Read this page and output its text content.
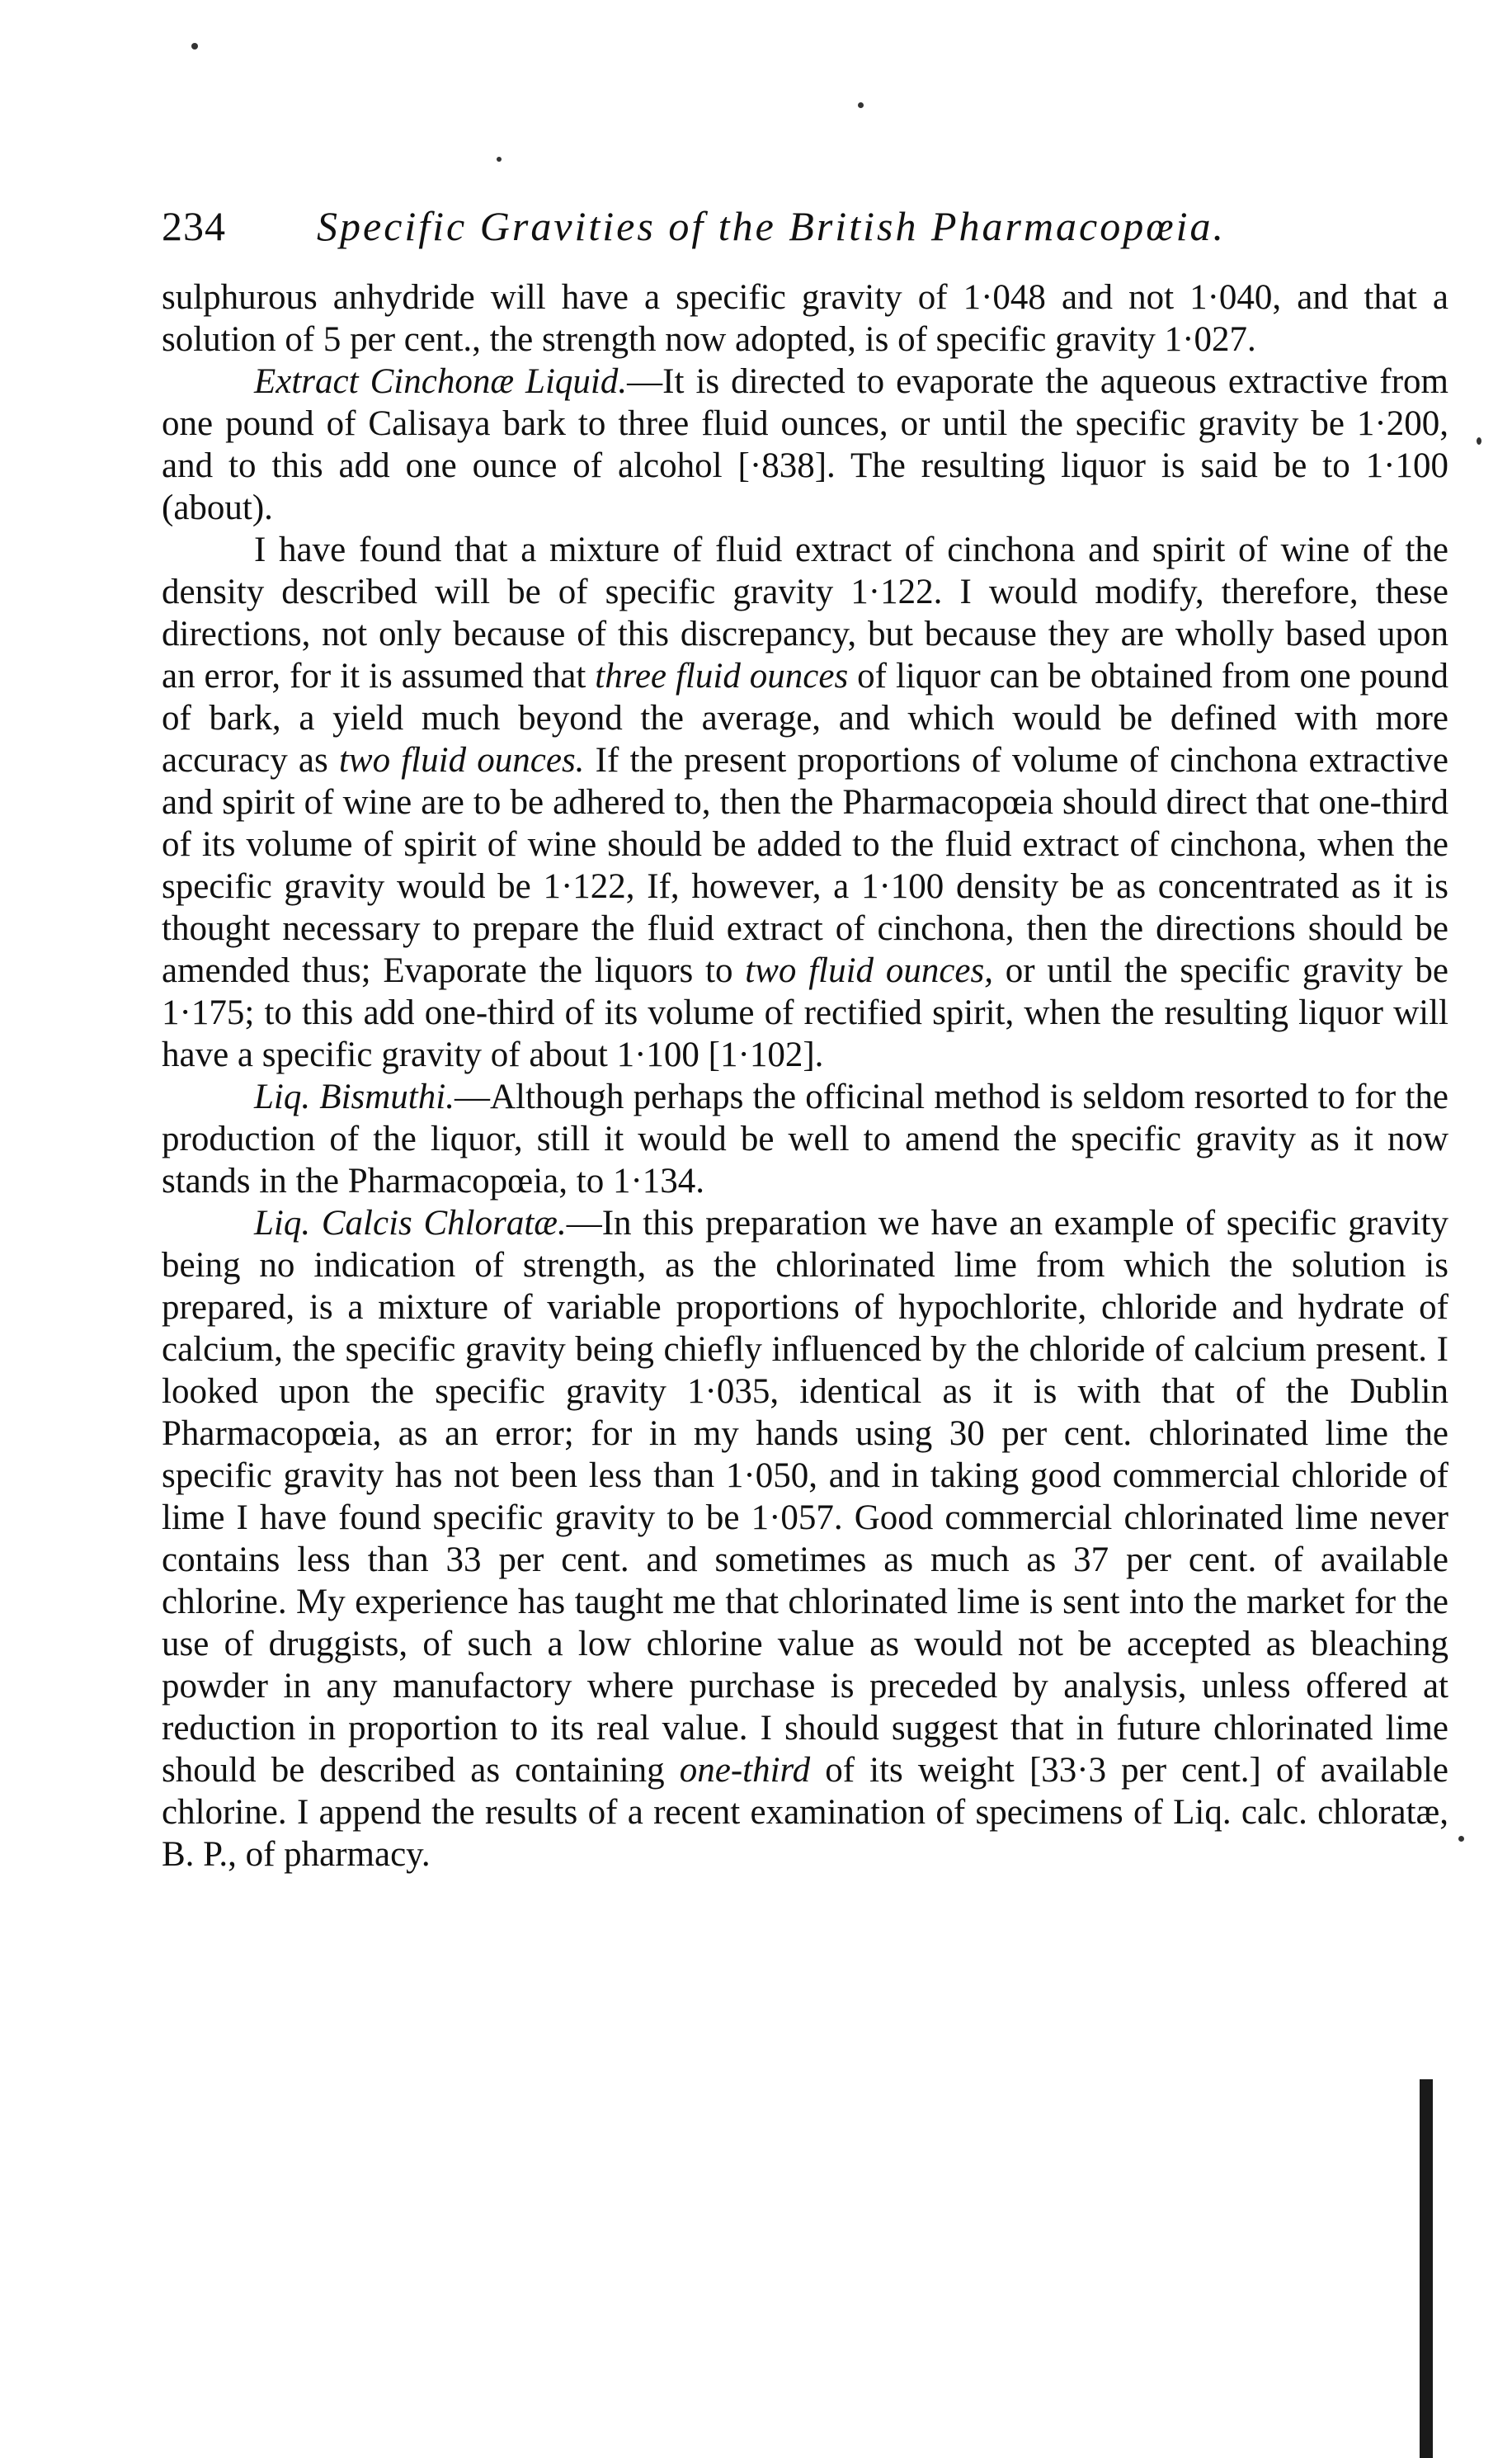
234 Specific Gravities of the British Pharmacopœia.

sulphurous anhydride will have a specific gravity of 1·048 and not 1·040, and that a solution of 5 per cent., the strength now adopted, is of specific gravity 1·027.

Extract Cinchonæ Liquid.—It is directed to evaporate the aqueous extractive from one pound of Calisaya bark to three fluid ounces, or until the specific gravity be 1·200, and to this add one ounce of alcohol [·838]. The resulting liquor is said be to 1·100 (about).

I have found that a mixture of fluid extract of cinchona and spirit of wine of the density described will be of specific gravity 1·122. I would modify, therefore, these directions, not only because of this discrepancy, but because they are wholly based upon an error, for it is assumed that three fluid ounces of liquor can be obtained from one pound of bark, a yield much beyond the average, and which would be defined with more accuracy as two fluid ounces. If the present proportions of volume of cinchona extractive and spirit of wine are to be adhered to, then the Pharmacopœia should direct that one-third of its volume of spirit of wine should be added to the fluid extract of cinchona, when the specific gravity would be 1·122, If, however, a 1·100 density be as concentrated as it is thought necessary to prepare the fluid extract of cinchona, then the directions should be amended thus; Evaporate the liquors to two fluid ounces, or until the specific gravity be 1·175; to this add one-third of its volume of rectified spirit, when the resulting liquor will have a specific gravity of about 1·100 [1·102].

Liq. Bismuthi.—Although perhaps the officinal method is seldom resorted to for the production of the liquor, still it would be well to amend the specific gravity as it now stands in the Pharmacopœia, to 1·134.

Liq. Calcis Chloratæ.—In this preparation we have an example of specific gravity being no indication of strength, as the chlorinated lime from which the solution is prepared, is a mixture of variable proportions of hypochlorite, chloride and hydrate of calcium, the specific gravity being chiefly influenced by the chloride of calcium present. I looked upon the specific gravity 1·035, identical as it is with that of the Dublin Pharmacopœia, as an error; for in my hands using 30 per cent. chlorinated lime the specific gravity has not been less than 1·050, and in taking good commercial chloride of lime I have found specific gravity to be 1·057. Good commercial chlorinated lime never contains less than 33 per cent. and sometimes as much as 37 per cent. of available chlorine. My experience has taught me that chlorinated lime is sent into the market for the use of druggists, of such a low chlorine value as would not be accepted as bleaching powder in any manufactory where purchase is preceded by analysis, unless offered at reduction in proportion to its real value. I should suggest that in future chlorinated lime should be described as containing one-third of its weight [33·3 per cent.] of available chlorine. I append the results of a recent examination of specimens of Liq. calc. chloratæ, B. P., of pharmacy.
